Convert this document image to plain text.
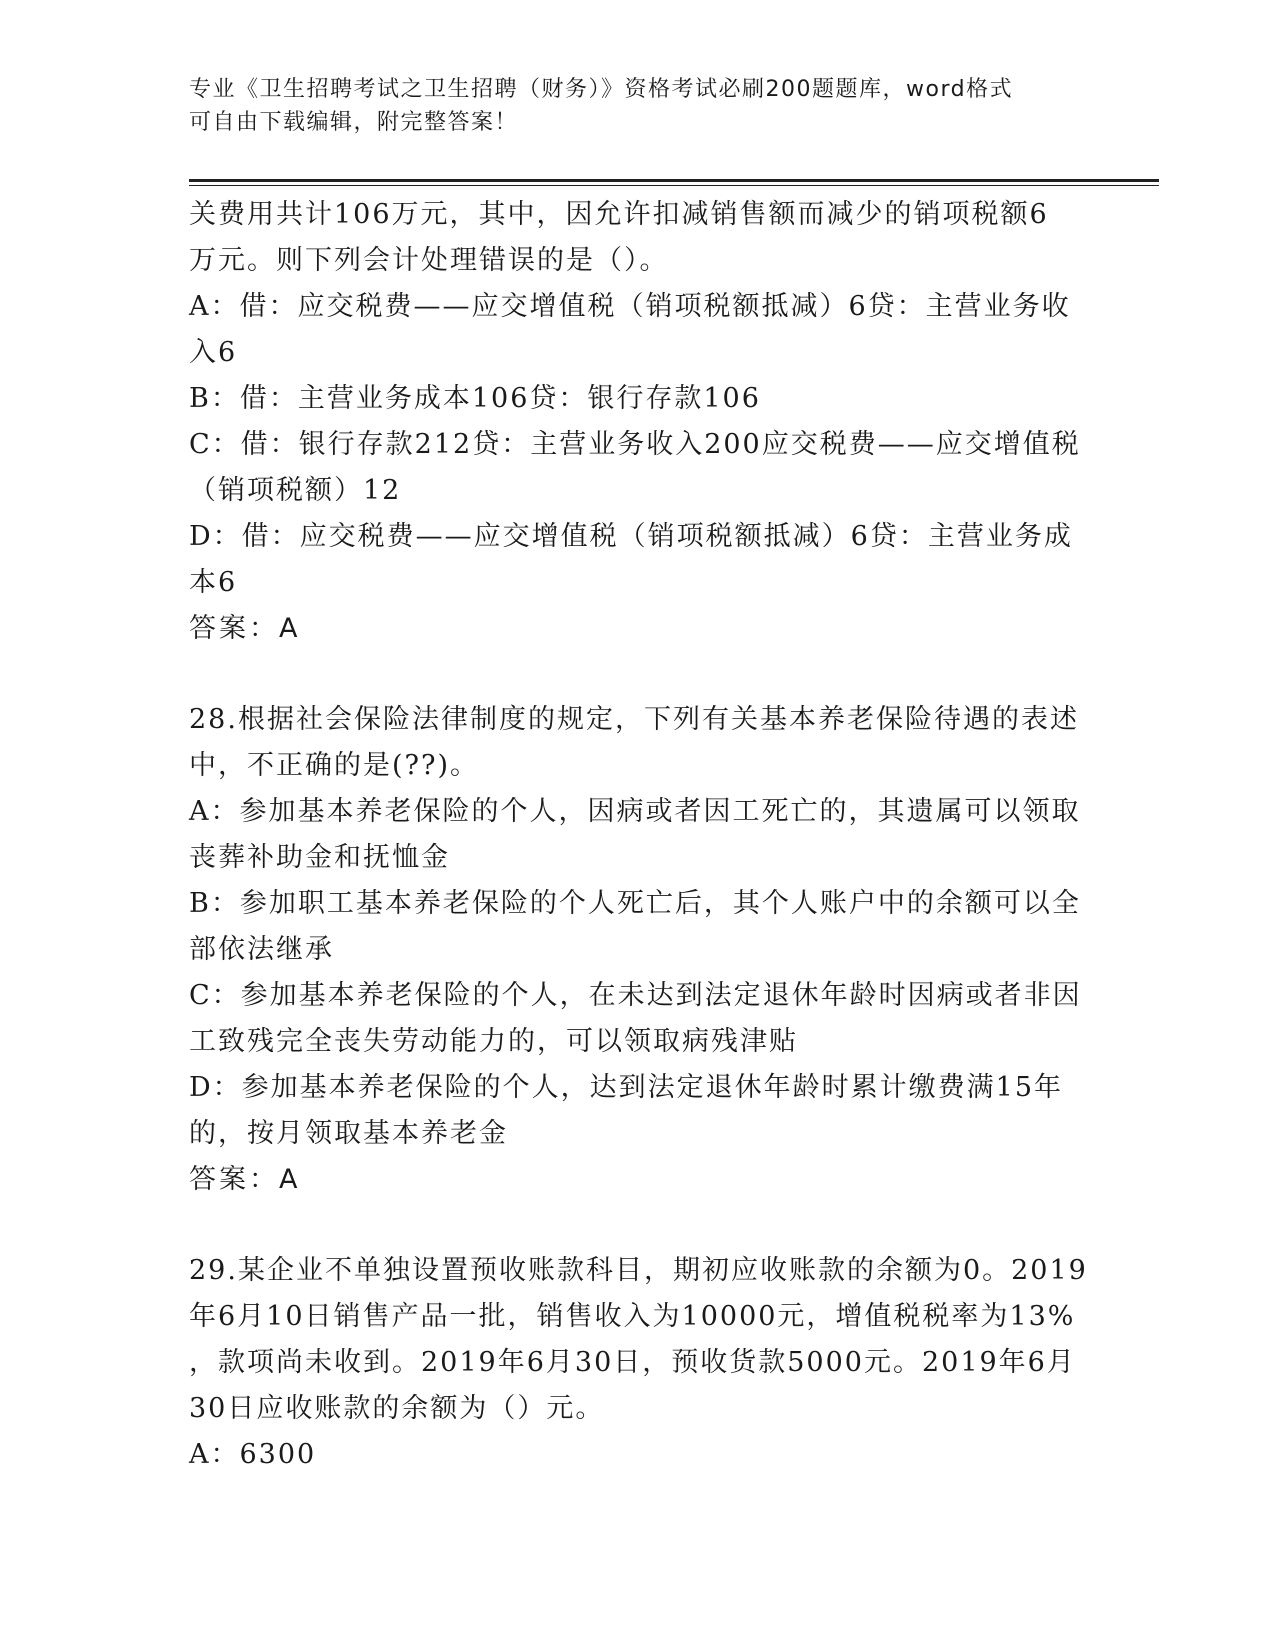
专业《卫生招聘考试之卫生招聘（财务）》资格考试必刷200题题库，word格式
可自由下载编辑，附完整答案！
关费用共计106万元，其中，因允许扣减销售额而减少的销项税额6
万元。则下列会计处理错误的是（）。
A：借：应交税费——应交增值税（销项税额抵减）6贷：主营业务收
入6
B：借：主营业务成本106贷：银行存款106
C：借：银行存款212贷：主营业务收入200应交税费——应交增值税
（销项税额）12
D：借：应交税费——应交增值税（销项税额抵减）6贷：主营业务成
本6
答案：A
28.根据社会保险法律制度的规定，下列有关基本养老保险待遇的表述
中，不正确的是(??)。
A：参加基本养老保险的个人，因病或者因工死亡的，其遗属可以领取
丧葬补助金和抚恤金
B：参加职工基本养老保险的个人死亡后，其个人账户中的余额可以全
部依法继承
C：参加基本养老保险的个人，在未达到法定退休年龄时因病或者非因
工致残完全丧失劳动能力的，可以领取病残津贴
D：参加基本养老保险的个人，达到法定退休年龄时累计缴费满15年
的，按月领取基本养老金
答案：A
29.某企业不单独设置预收账款科目，期初应收账款的余额为0。2019
年6月10日销售产品一批，销售收入为10000元，增值税税率为13%
，款项尚未收到。2019年6月30日，预收货款5000元。2019年6月
30日应收账款的余额为（）元。
A：6300
